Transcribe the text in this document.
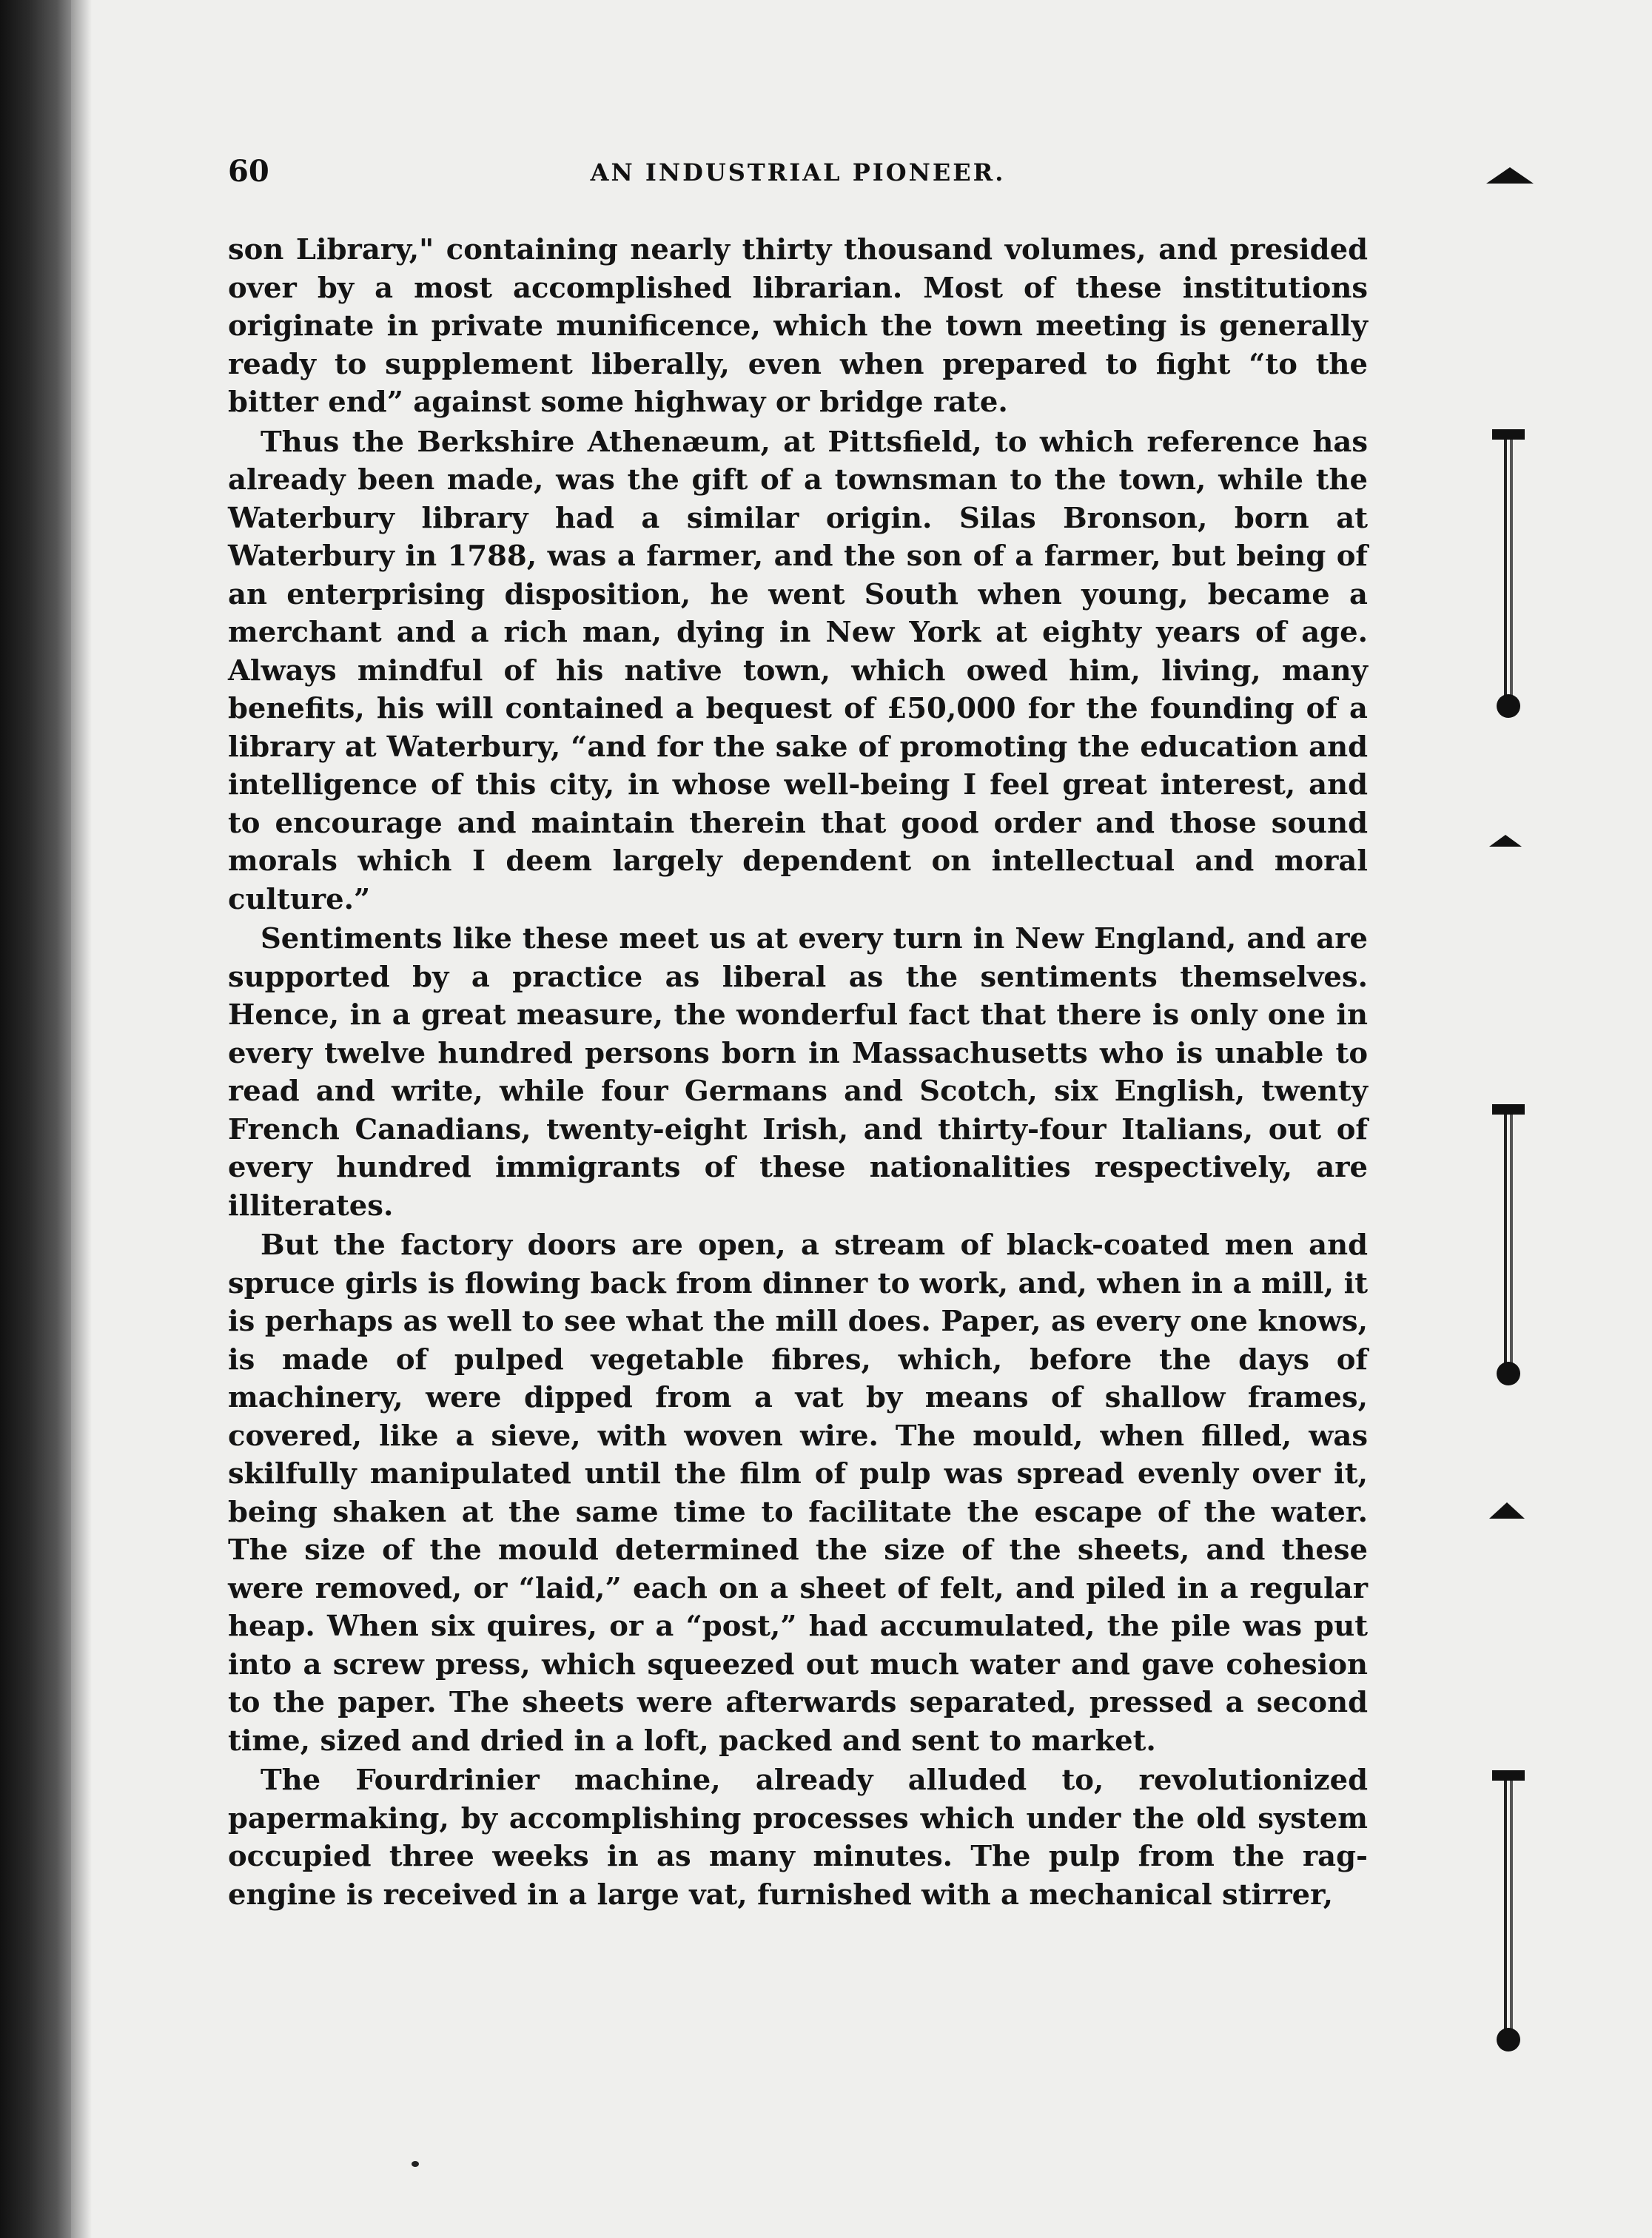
60	AN INDUSTRIAL PIONEER.

son Library," containing nearly thirty thousand volumes, and presided over by a most accomplished librarian. Most of these institutions originate in private munificence, which the town meeting is generally ready to supplement liberally, even when prepared to fight “to the bitter end” against some highway or bridge rate.

Thus the Berkshire Athenæum, at Pittsfield, to which reference has already been made, was the gift of a townsman to the town, while the Waterbury library had a similar origin. Silas Bronson, born at Waterbury in 1788, was a farmer, and the son of a farmer, but being of an enterprising disposition, he went South when young, became a merchant and a rich man, dying in New York at eighty years of age. Always mindful of his native town, which owed him, living, many benefits, his will contained a bequest of £50,000 for the founding of a library at Waterbury, “and for the sake of promoting the education and intelligence of this city, in whose well-being I feel great interest, and to encourage and maintain therein that good order and those sound morals which I deem largely dependent on intellectual and moral culture.”

Sentiments like these meet us at every turn in New England, and are supported by a practice as liberal as the sentiments themselves. Hence, in a great measure, the wonderful fact that there is only one in every twelve hundred persons born in Massachusetts who is unable to read and write, while four Germans and Scotch, six English, twenty French Canadians, twenty-eight Irish, and thirty-four Italians, out of every hundred immigrants of these nationalities respectively, are illiterates.

But the factory doors are open, a stream of black-coated men and spruce girls is flowing back from dinner to work, and, when in a mill, it is perhaps as well to see what the mill does. Paper, as every one knows, is made of pulped vegetable fibres, which, before the days of machinery, were dipped from a vat by means of shallow frames, covered, like a sieve, with woven wire. The mould, when filled, was skilfully manipulated until the film of pulp was spread evenly over it, being shaken at the same time to facilitate the escape of the water. The size of the mould determined the size of the sheets, and these were removed, or “laid,” each on a sheet of felt, and piled in a regular heap. When six quires, or a “post,” had accumulated, the pile was put into a screw press, which squeezed out much water and gave cohesion to the paper. The sheets were afterwards separated, pressed a second time, sized and dried in a loft, packed and sent to market.

The Fourdrinier machine, already alluded to, revolutionized papermaking, by accomplishing processes which under the old system occupied three weeks in as many minutes. The pulp from the rag-engine is received in a large vat, furnished with a mechanical stirrer,
